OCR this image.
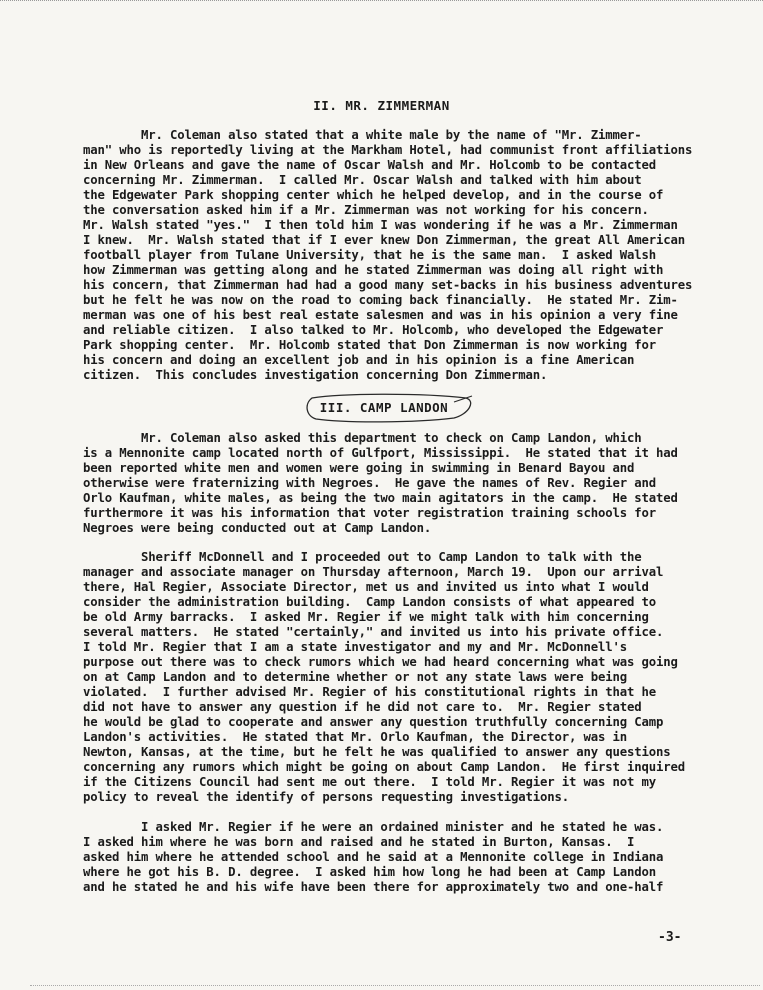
II. MR. ZIMMERMAN
Mr. Coleman also stated that a white male by the name of "Mr. Zimmer-
man" who is reportedly living at the Markham Hotel, had communist front affiliations
in New Orleans and gave the name of Oscar Walsh and Mr. Holcomb to be contacted
concerning Mr. Zimmerman.  I called Mr. Oscar Walsh and talked with him about
the Edgewater Park shopping center which he helped develop, and in the course of
the conversation asked him if a Mr. Zimmerman was not working for his concern.
Mr. Walsh stated "yes."  I then told him I was wondering if he was a Mr. Zimmerman
I knew.  Mr. Walsh stated that if I ever knew Don Zimmerman, the great All American
football player from Tulane University, that he is the same man.  I asked Walsh
how Zimmerman was getting along and he stated Zimmerman was doing all right with
his concern, that Zimmerman had had a good many set-backs in his business adventures
but he felt he was now on the road to coming back financially.  He stated Mr. Zim-
merman was one of his best real estate salesmen and was in his opinion a very fine
and reliable citizen.  I also talked to Mr. Holcomb, who developed the Edgewater
Park shopping center.  Mr. Holcomb stated that Don Zimmerman is now working for
his concern and doing an excellent job and in his opinion is a fine American
citizen.  This concludes investigation concerning Don Zimmerman.
III. CAMP LANDON
Mr. Coleman also asked this department to check on Camp Landon, which
is a Mennonite camp located north of Gulfport, Mississippi.  He stated that it had
been reported white men and women were going in swimming in Benard Bayou and
otherwise were fraternizing with Negroes.  He gave the names of Rev. Regier and
Orlo Kaufman, white males, as being the two main agitators in the camp.  He stated
furthermore it was his information that voter registration training schools for
Negroes were being conducted out at Camp Landon.
Sheriff McDonnell and I proceeded out to Camp Landon to talk with the
manager and associate manager on Thursday afternoon, March 19.  Upon our arrival
there, Hal Regier, Associate Director, met us and invited us into what I would
consider the administration building.  Camp Landon consists of what appeared to
be old Army barracks.  I asked Mr. Regier if we might talk with him concerning
several matters.  He stated "certainly," and invited us into his private office.
I told Mr. Regier that I am a state investigator and my and Mr. McDonnell's
purpose out there was to check rumors which we had heard concerning what was going
on at Camp Landon and to determine whether or not any state laws were being
violated.  I further advised Mr. Regier of his constitutional rights in that he
did not have to answer any question if he did not care to.  Mr. Regier stated
he would be glad to cooperate and answer any question truthfully concerning Camp
Landon's activities.  He stated that Mr. Orlo Kaufman, the Director, was in
Newton, Kansas, at the time, but he felt he was qualified to answer any questions
concerning any rumors which might be going on about Camp Landon.  He first inquired
if the Citizens Council had sent me out there.  I told Mr. Regier it was not my
policy to reveal the identify of persons requesting investigations.
I asked Mr. Regier if he were an ordained minister and he stated he was.
I asked him where he was born and raised and he stated in Burton, Kansas.  I
asked him where he attended school and he said at a Mennonite college in Indiana
where he got his B. D. degree.  I asked him how long he had been at Camp Landon
and he stated he and his wife have been there for approximately two and one-half
-3-
